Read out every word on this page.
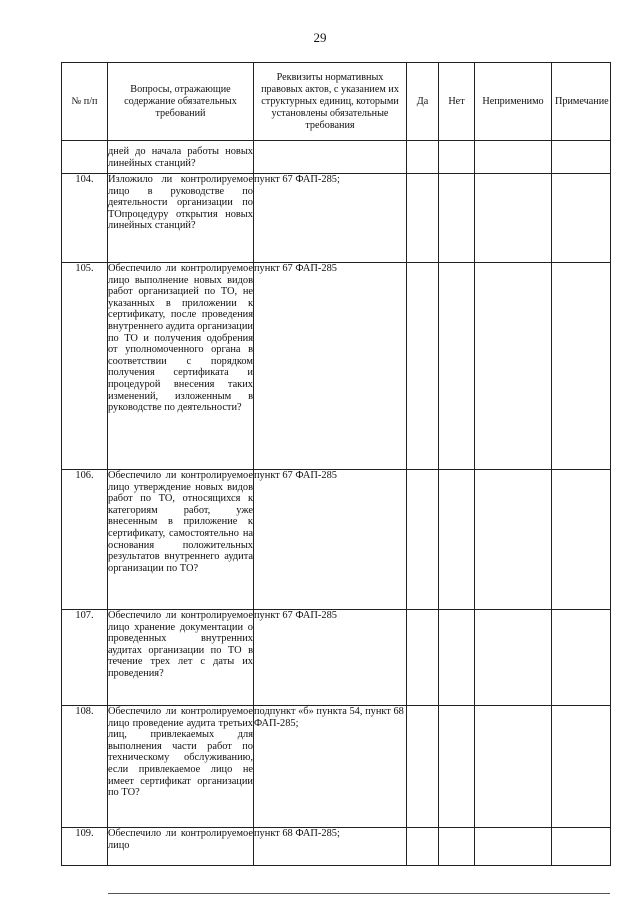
29
№ п/п	Вопросы, отражающие содержание обязательных требований	Реквизиты нормативных правовых актов, с указанием их структурных единиц, которыми установлены обязательные требования	Да	Нет	Неприменимо	Примечание
	дней до начала работы новых линейных станций?					
104.	Изложило ли контролируемое лицо в руководстве по деятельности организации по ТОпроцедуру открытия новых линейных станций?	пункт 67 ФАП-285;				
105.	Обеспечило ли контролируемое лицо выполнение новых видов работ организацией по ТО, не указанных в приложении к сертификату, после проведения внутреннего аудита организации по ТО и получения одобрения от уполномоченного органа в соответствии с порядком получения сертификата и процедурой внесения таких изменений, изложенным в руководстве по деятельности?	пункт 67 ФАП-285				
106.	Обеспечило ли контролируемое лицо утверждение новых видов работ по ТО, относящихся к категориям работ, уже внесенным в приложение к сертификату, самостоятельно на основания положительных результатов внутреннего аудита организации по ТО?	пункт 67 ФАП-285				
107.	Обеспечило ли контролируемое лицо хранение документации о проведенных внутренних аудитах организации по ТО в течение трех лет с даты их проведения?	пункт 67 ФАП-285				
108.	Обеспечило ли контролируемое лицо проведение аудита третьих лиц, привлекаемых для выполнения части работ по техническому обслуживанию, если привлекаемое лицо не имеет сертификат организации по ТО?	подпункт «б» пункта 54, пункт 68 ФАП-285;				
109.	Обеспечило ли контролируемое лицо	пункт 68 ФАП-285;				
